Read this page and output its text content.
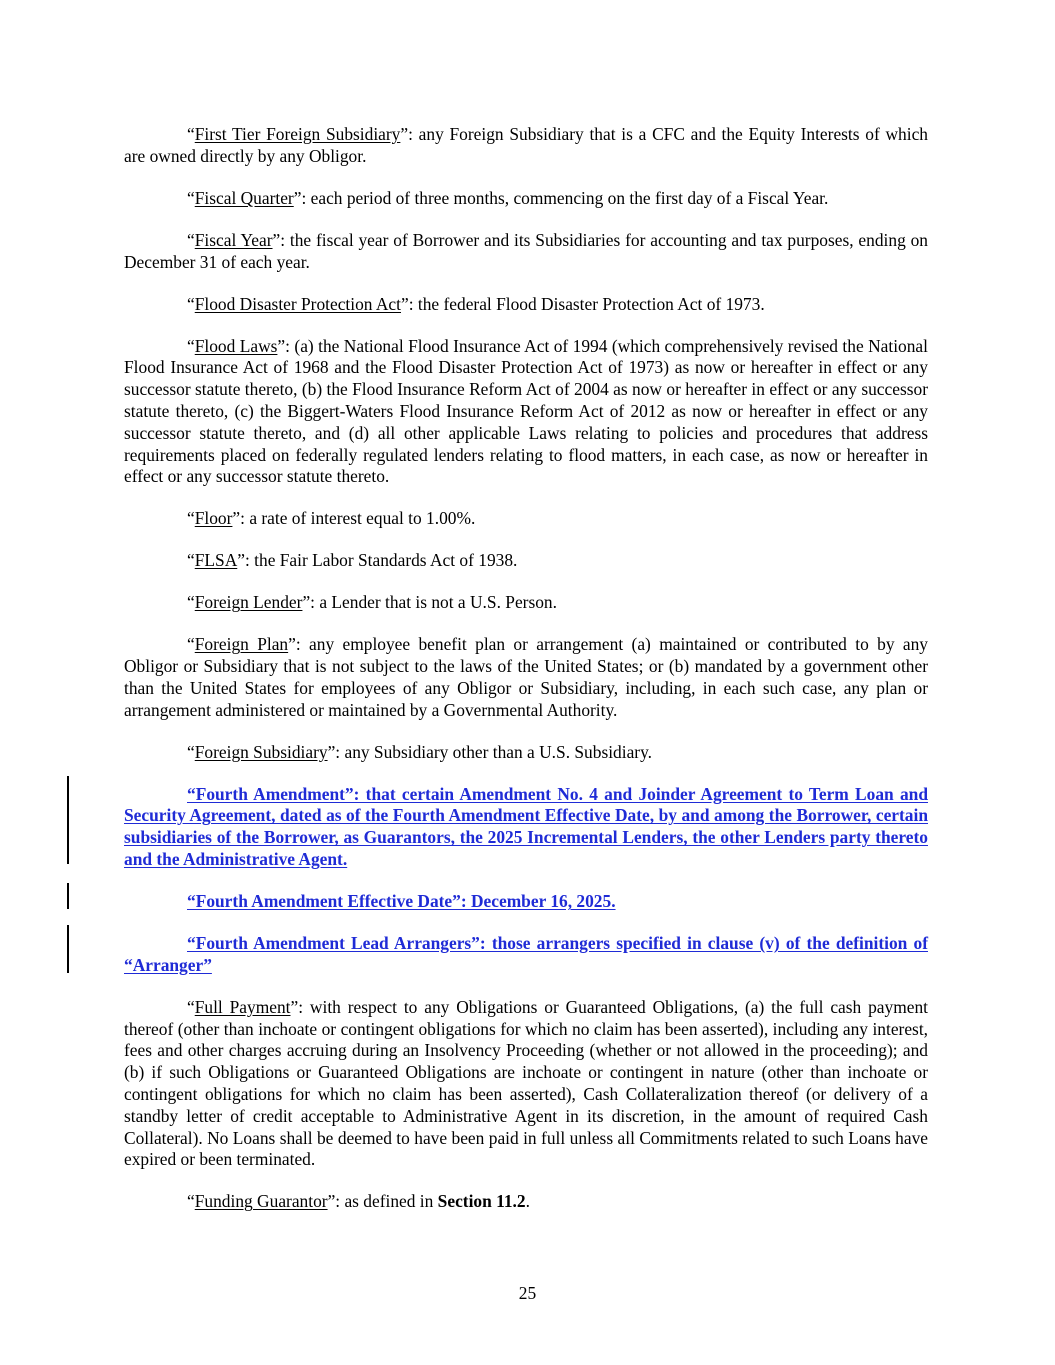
“First Tier Foreign Subsidiary”: any Foreign Subsidiary that is a CFC and the Equity Interests of which are owned directly by any Obligor.

“Fiscal Quarter”: each period of three months, commencing on the first day of a Fiscal Year.

“Fiscal Year”: the fiscal year of Borrower and its Subsidiaries for accounting and tax purposes, ending on December 31 of each year.

“Flood Disaster Protection Act”: the federal Flood Disaster Protection Act of 1973.

“Flood Laws”: (a) the National Flood Insurance Act of 1994 (which comprehensively revised the National Flood Insurance Act of 1968 and the Flood Disaster Protection Act of 1973) as now or hereafter in effect or any successor statute thereto, (b) the Flood Insurance Reform Act of 2004 as now or hereafter in effect or any successor statute thereto, (c) the Biggert-Waters Flood Insurance Reform Act of 2012 as now or hereafter in effect or any successor statute thereto, and (d) all other applicable Laws relating to policies and procedures that address requirements placed on federally regulated lenders relating to flood matters, in each case, as now or hereafter in effect or any successor statute thereto.

“Floor”: a rate of interest equal to 1.00%.

“FLSA”: the Fair Labor Standards Act of 1938.

“Foreign Lender”: a Lender that is not a U.S. Person.

“Foreign Plan”: any employee benefit plan or arrangement (a) maintained or contributed to by any Obligor or Subsidiary that is not subject to the laws of the United States; or (b) mandated by a government other than the United States for employees of any Obligor or Subsidiary, including, in each such case, any plan or arrangement administered or maintained by a Governmental Authority.

“Foreign Subsidiary”: any Subsidiary other than a U.S. Subsidiary.

“Fourth Amendment”: that certain Amendment No. 4 and Joinder Agreement to Term Loan and Security Agreement, dated as of the Fourth Amendment Effective Date, by and among the Borrower, certain subsidiaries of the Borrower, as Guarantors, the 2025 Incremental Lenders, the other Lenders party thereto and the Administrative Agent.

“Fourth Amendment Effective Date”: December 16, 2025.

“Fourth Amendment Lead Arrangers”: those arrangers specified in clause (v) of the definition of “Arranger”

“Full Payment”: with respect to any Obligations or Guaranteed Obligations, (a) the full cash payment thereof (other than inchoate or contingent obligations for which no claim has been asserted), including any interest, fees and other charges accruing during an Insolvency Proceeding (whether or not allowed in the proceeding); and (b) if such Obligations or Guaranteed Obligations are inchoate or contingent in nature (other than inchoate or contingent obligations for which no claim has been asserted), Cash Collateralization thereof (or delivery of a standby letter of credit acceptable to Administrative Agent in its discretion, in the amount of required Cash Collateral). No Loans shall be deemed to have been paid in full unless all Commitments related to such Loans have expired or been terminated.

“Funding Guarantor”: as defined in Section 11.2.

25
